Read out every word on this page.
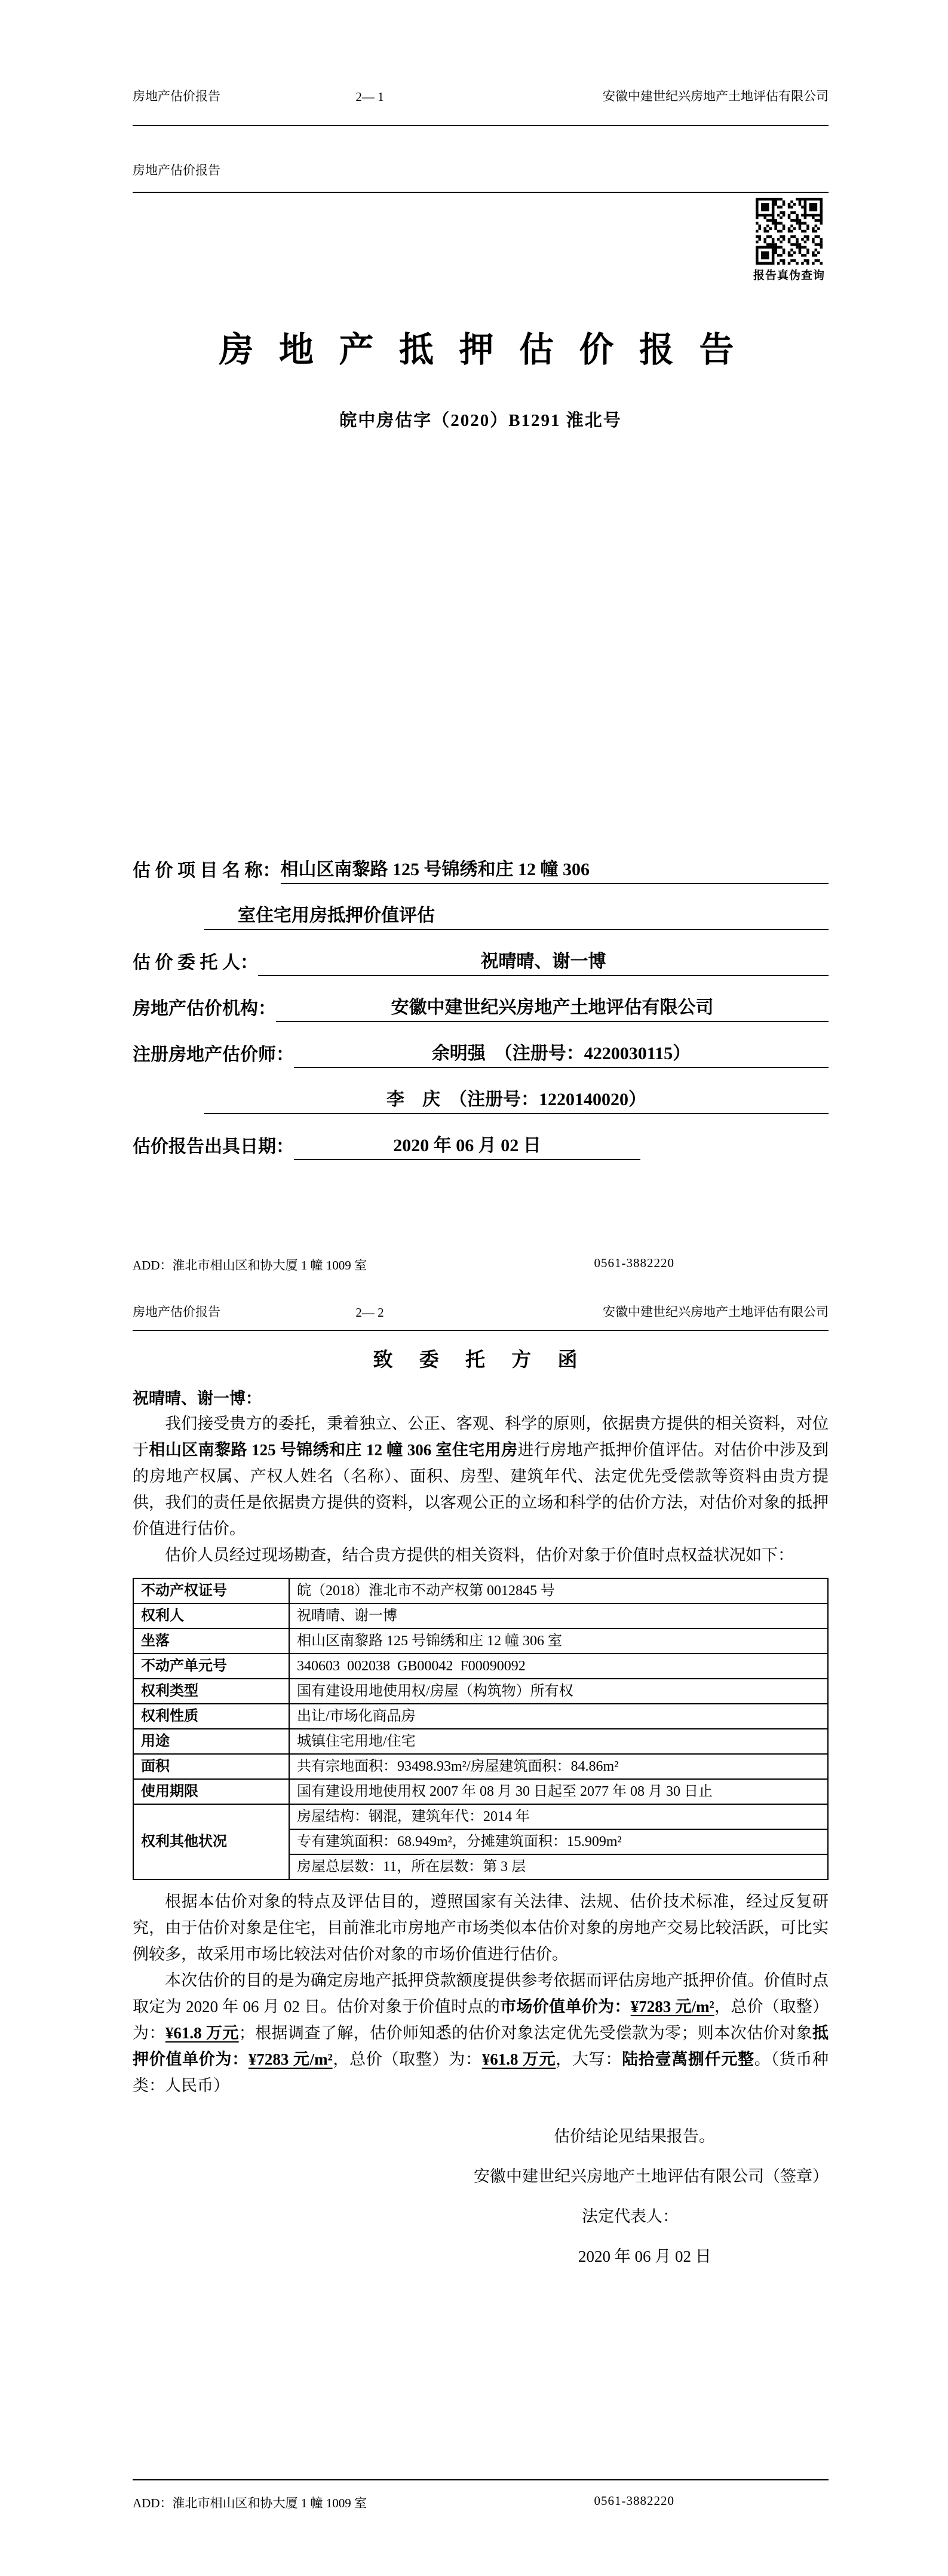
房地产估价报告	2— 1	安徽中建世纪兴房地产土地评估有限公司
房地产估价报告
报告真伪查询
房 地 产 抵 押 估 价 报 告
皖中房估字（2020）B1291 淮北号
估 价 项 目 名 称： 相山区南黎路 125 号锦绣和庄 12 幢 306
室住宅用房抵押价值评估
估 价 委 托 人：	祝晴晴、谢一博
房地产估价机构：	安徽中建世纪兴房地产土地评估有限公司
注册房地产估价师：	余明强　（注册号：4220030115）
李　庆　（注册号：1220140020）
估价报告出具日期：	2020 年 06 月 02 日
ADD：淮北市相山区和协大厦 1 幢 1009 室	0561-3882220
房地产估价报告	2— 2	安徽中建世纪兴房地产土地评估有限公司
致 委 托 方 函
祝晴晴、谢一博：

我们接受贵方的委托，秉着独立、公正、客观、科学的原则，依据贵方提供的相关资料，对位于相山区南黎路 125 号锦绣和庄 12 幢 306 室住宅用房进行房地产抵押价值评估。对估价中涉及到的房地产权属、产权人姓名（名称）、面积、房型、建筑年代、法定优先受偿款等资料由贵方提供，我们的责任是依据贵方提供的资料，以客观公正的立场和科学的估价方法，对估价对象的抵押价值进行估价。

估价人员经过现场勘查，结合贵方提供的相关资料，估价对象于价值时点权益状况如下：

不动产权证号	皖（2018）淮北市不动产权第 0012845 号
权利人	祝晴晴、谢一博
坐落	相山区南黎路 125 号锦绣和庄 12 幢 306 室
不动产单元号	340603  002038  GB00042  F00090092
权利类型	国有建设用地使用权/房屋（构筑物）所有权
权利性质	出让/市场化商品房
用途	城镇住宅用地/住宅
面积	共有宗地面积：93498.93m²/房屋建筑面积：84.86m²
使用期限	国有建设用地使用权 2007 年 08 月 30 日起至 2077 年 08 月 30 日止
权利其他状况	房屋结构：钢混，建筑年代：2014 年
	专有建筑面积：68.949m²，分摊建筑面积：15.909m²
	房屋总层数：11，所在层数：第 3 层

根据本估价对象的特点及评估目的，遵照国家有关法律、法规、估价技术标准，经过反复研究，由于估价对象是住宅，目前淮北市房地产市场类似本估价对象的房地产交易比较活跃，可比实例较多，故采用市场比较法对估价对象的市场价值进行估价。

本次估价的目的是为确定房地产抵押贷款额度提供参考依据而评估房地产抵押价值。价值时点取定为 2020 年 06 月 02 日。估价对象于价值时点的市场价值单价为：¥7283 元/m²，总价（取整）为：¥61.8 万元；根据调查了解，估价师知悉的估价对象法定优先受偿款为零；则本次估价对象抵押价值单价为：¥7283 元/m²，总价（取整）为：¥61.8 万元，大写：陆拾壹萬捌仟元整。（货币种类：人民币）

估价结论见结果报告。
安徽中建世纪兴房地产土地评估有限公司（签章）
法定代表人：
2020 年 06 月 02 日
ADD：淮北市相山区和协大厦 1 幢 1009 室	0561-3882220
